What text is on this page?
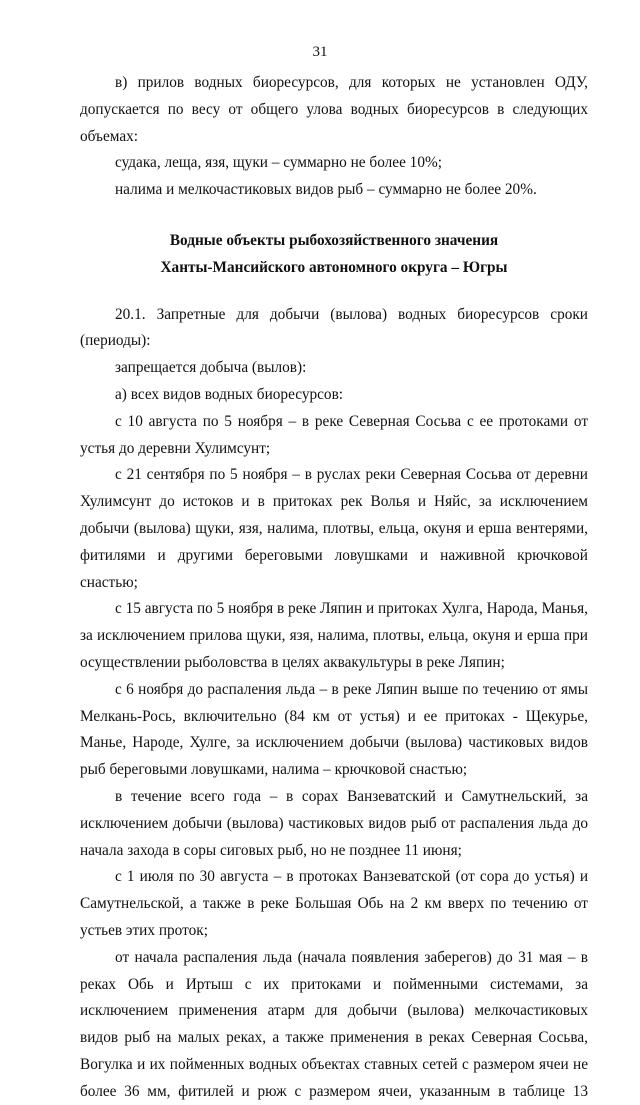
31

в) прилов водных биоресурсов, для которых не установлен ОДУ, допускается по весу от общего улова водных биоресурсов в следующих объемах:

судака, леща, язя, щуки – суммарно не более 10%;

налима и мелкочастиковых видов рыб – суммарно не более 20%.

Водные объекты рыбохозяйственного значения

Ханты-Мансийского автономного округа – Югры

20.1. Запретные для добычи (вылова) водных биоресурсов сроки (периоды):

запрещается добыча (вылов):

а) всех видов водных биоресурсов:

с 10 августа по 5 ноября – в реке Северная Сосьва с ее протоками от устья до деревни Хулимсунт;

с 21 сентября по 5 ноября – в руслах реки Северная Сосьва от деревни Хулимсунт до истоков и в притоках рек Волья и Няйс, за исключением добычи (вылова) щуки, язя, налима, плотвы, ельца, окуня и ерша вентерями, фитилями и другими береговыми ловушками и наживной крючковой снастью;

с 15 августа по 5 ноября в реке Ляпин и притоках Хулга, Народа, Манья, за исключением прилова щуки, язя, налима, плотвы, ельца, окуня и ерша при осуществлении рыболовства в целях аквакультуры в реке Ляпин;

с 6 ноября до распаления льда – в реке Ляпин выше по течению от ямы Мелкань-Рось, включительно (84 км от устья) и ее притоках - Щекурье, Манье, Народе, Хулге, за исключением добычи (вылова) частиковых видов рыб береговыми ловушками, налима – крючковой снастью;

в течение всего года – в сорах Ванзеватский и Самутнельский, за исключением добычи (вылова) частиковых видов рыб от распаления льда до начала захода в соры сиговых рыб, но не позднее 11 июня;

с 1 июля по 30 августа – в протоках Ванзеватской (от сора до устья) и Самутнельской, а также в реке Большая Обь на 2 км вверх по течению от устьев этих проток;

от начала распаления льда (начала появления заберегов) до 31 мая – в реках Обь и Иртыш с их притоками и пойменными системами, за исключением применения атарм для добычи (вылова) мелкочастиковых видов рыб на малых реках, а также применения в реках Северная Сосьва, Вогулка и их пойменных водных объектах ставных сетей с размером ячеи не более 36 мм, фитилей и рюж с размером ячеи, указанным в таблице 13
